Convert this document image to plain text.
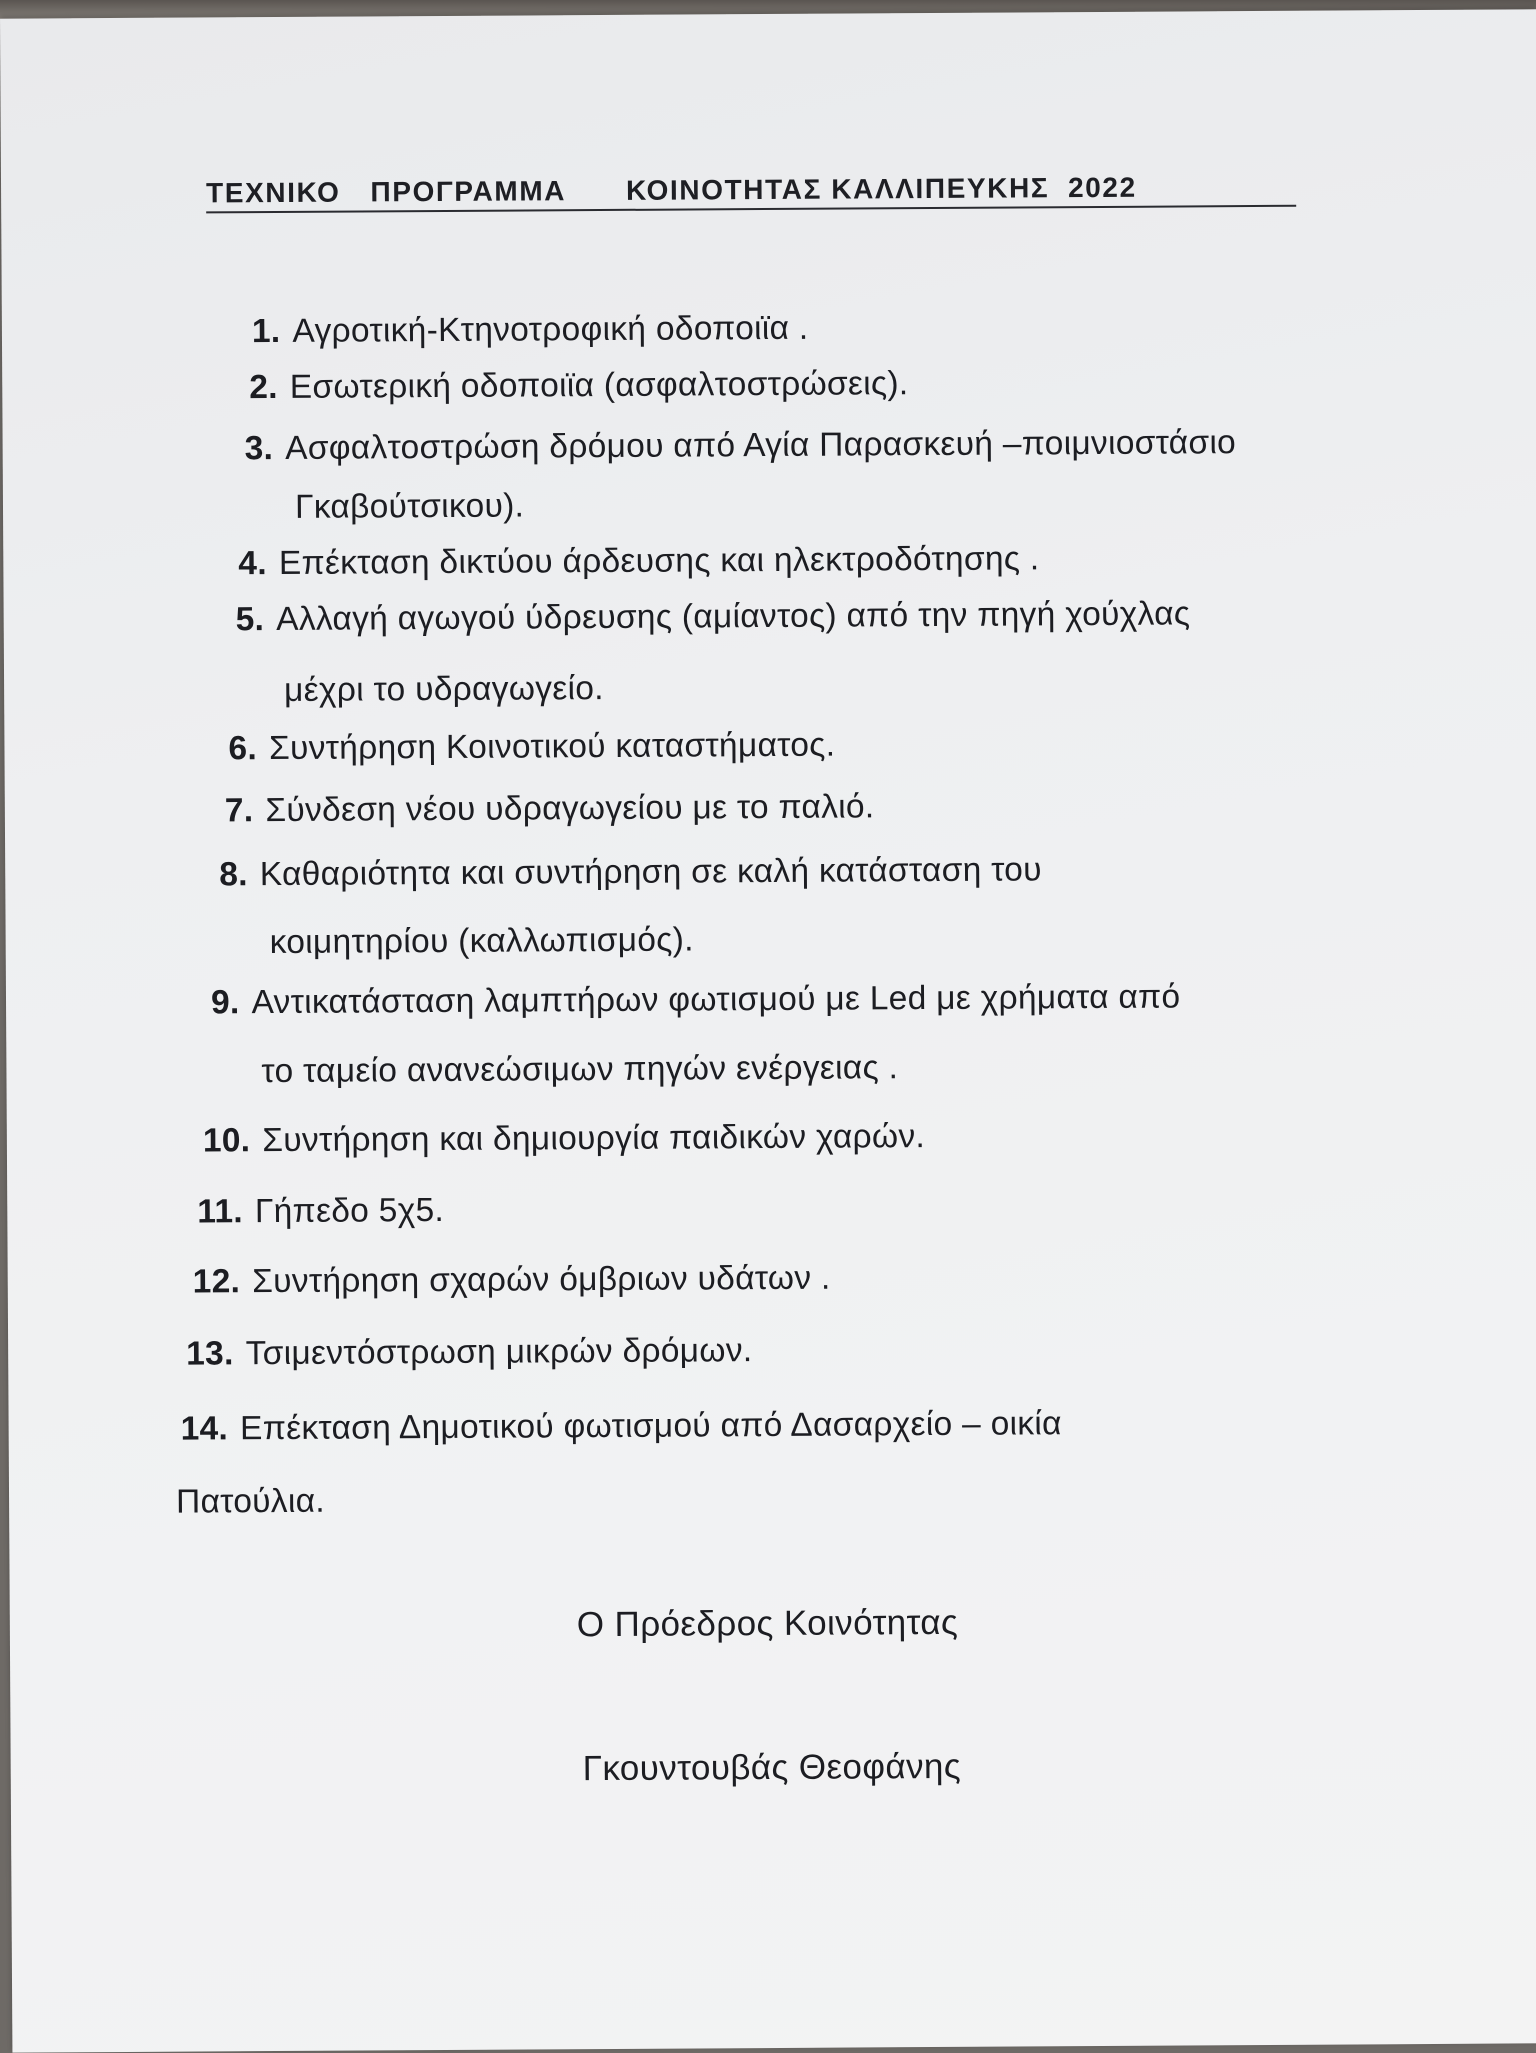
ΤΕΧΝΙΚΟ ΠΡΟΓΡΑΜΜΑ ΚΟΙΝΟΤΗΤΑΣ ΚΑΛΛΙΠΕΥΚΗΣ  2022
1. Αγροτική-Κτηνοτροφική οδοποιϊα .
2. Εσωτερική οδοποιϊα (ασφαλτοστρώσεις).
3. Ασφαλτοστρώση δρόμου από Αγία Παρασκευή –ποιμνιοστάσιο
Γκαβούτσικου).
4. Επέκταση δικτύου άρδευσης και ηλεκτροδότησης .
5. Αλλαγή αγωγού ύδρευσης (αμίαντος) από την πηγή χούχλας
μέχρι το υδραγωγείο.
6. Συντήρηση Κοινοτικού καταστήματος.
7. Σύνδεση νέου υδραγωγείου με το παλιό.
8. Καθαριότητα και συντήρηση σε καλή κατάσταση του
κοιμητηρίου (καλλωπισμός).
9. Αντικατάσταση λαμπτήρων φωτισμού με Led με χρήματα από
το ταμείο ανανεώσιμων πηγών ενέργειας .
10. Συντήρηση και δημιουργία παιδικών χαρών.
11. Γήπεδο 5χ5.
12. Συντήρηση σχαρών όμβριων υδάτων .
13. Τσιμεντόστρωση μικρών δρόμων.
14. Επέκταση Δημοτικού φωτισμού από Δασαρχείο – οικία
Πατούλια.
Ο Πρόεδρος Κοινότητας
Γκουντουβάς Θεοφάνης
